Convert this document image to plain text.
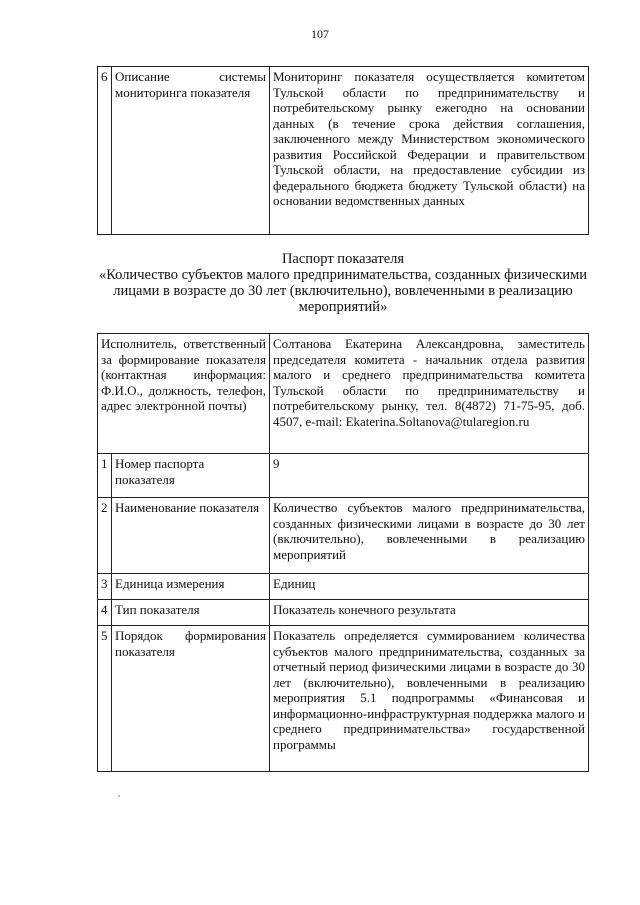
107
6	Описание системы мониторинга показателя	Мониторинг показателя осуществляется комитетом Тульской области по предпринимательству и потребительскому рынку ежегодно на основании данных (в течение срока действия соглашения, заключенного между Министерством экономического развития Российской Федерации и правительством Тульской области, на предоставление субсидии из федерального бюджета бюджету Тульской области) на основании ведомственных данных
Паспорт показателя
«Количество субъектов малого предпринимательства, созданных физическими лицами в возрасте до 30 лет (включительно), вовлеченными в реализацию мероприятий»
Исполнитель, ответственный за формирование показателя (контактная информация: Ф.И.О., должность, телефон, адрес электронной почты)		Солтанова Екатерина Александровна, заместитель председателя комитета - начальник отдела развития малого и среднего предпринимательства комитета Тульской области по предпринимательству и потребительскому рынку, тел. 8(4872) 71-75-95, доб. 4507, e-mail: Ekaterina.Soltanova@tularegion.ru
1	Номер паспорта показателя	9
2	Наименование показателя	Количество субъектов малого предпринимательства, созданных физическими лицами в возрасте до 30 лет (включительно), вовлеченными в реализацию мероприятий
3	Единица измерения	Единиц
4	Тип показателя	Показатель конечного результата
5	Порядок формирования показателя	Показатель определяется суммированием количества субъектов малого предпринимательства, созданных за отчетный период физическими лицами в возрасте до 30 лет (включительно), вовлеченными в реализацию мероприятия 5.1 подпрограммы «Финансовая и информационно-инфраструктурная поддержка малого и среднего предпринимательства» государственной программы
